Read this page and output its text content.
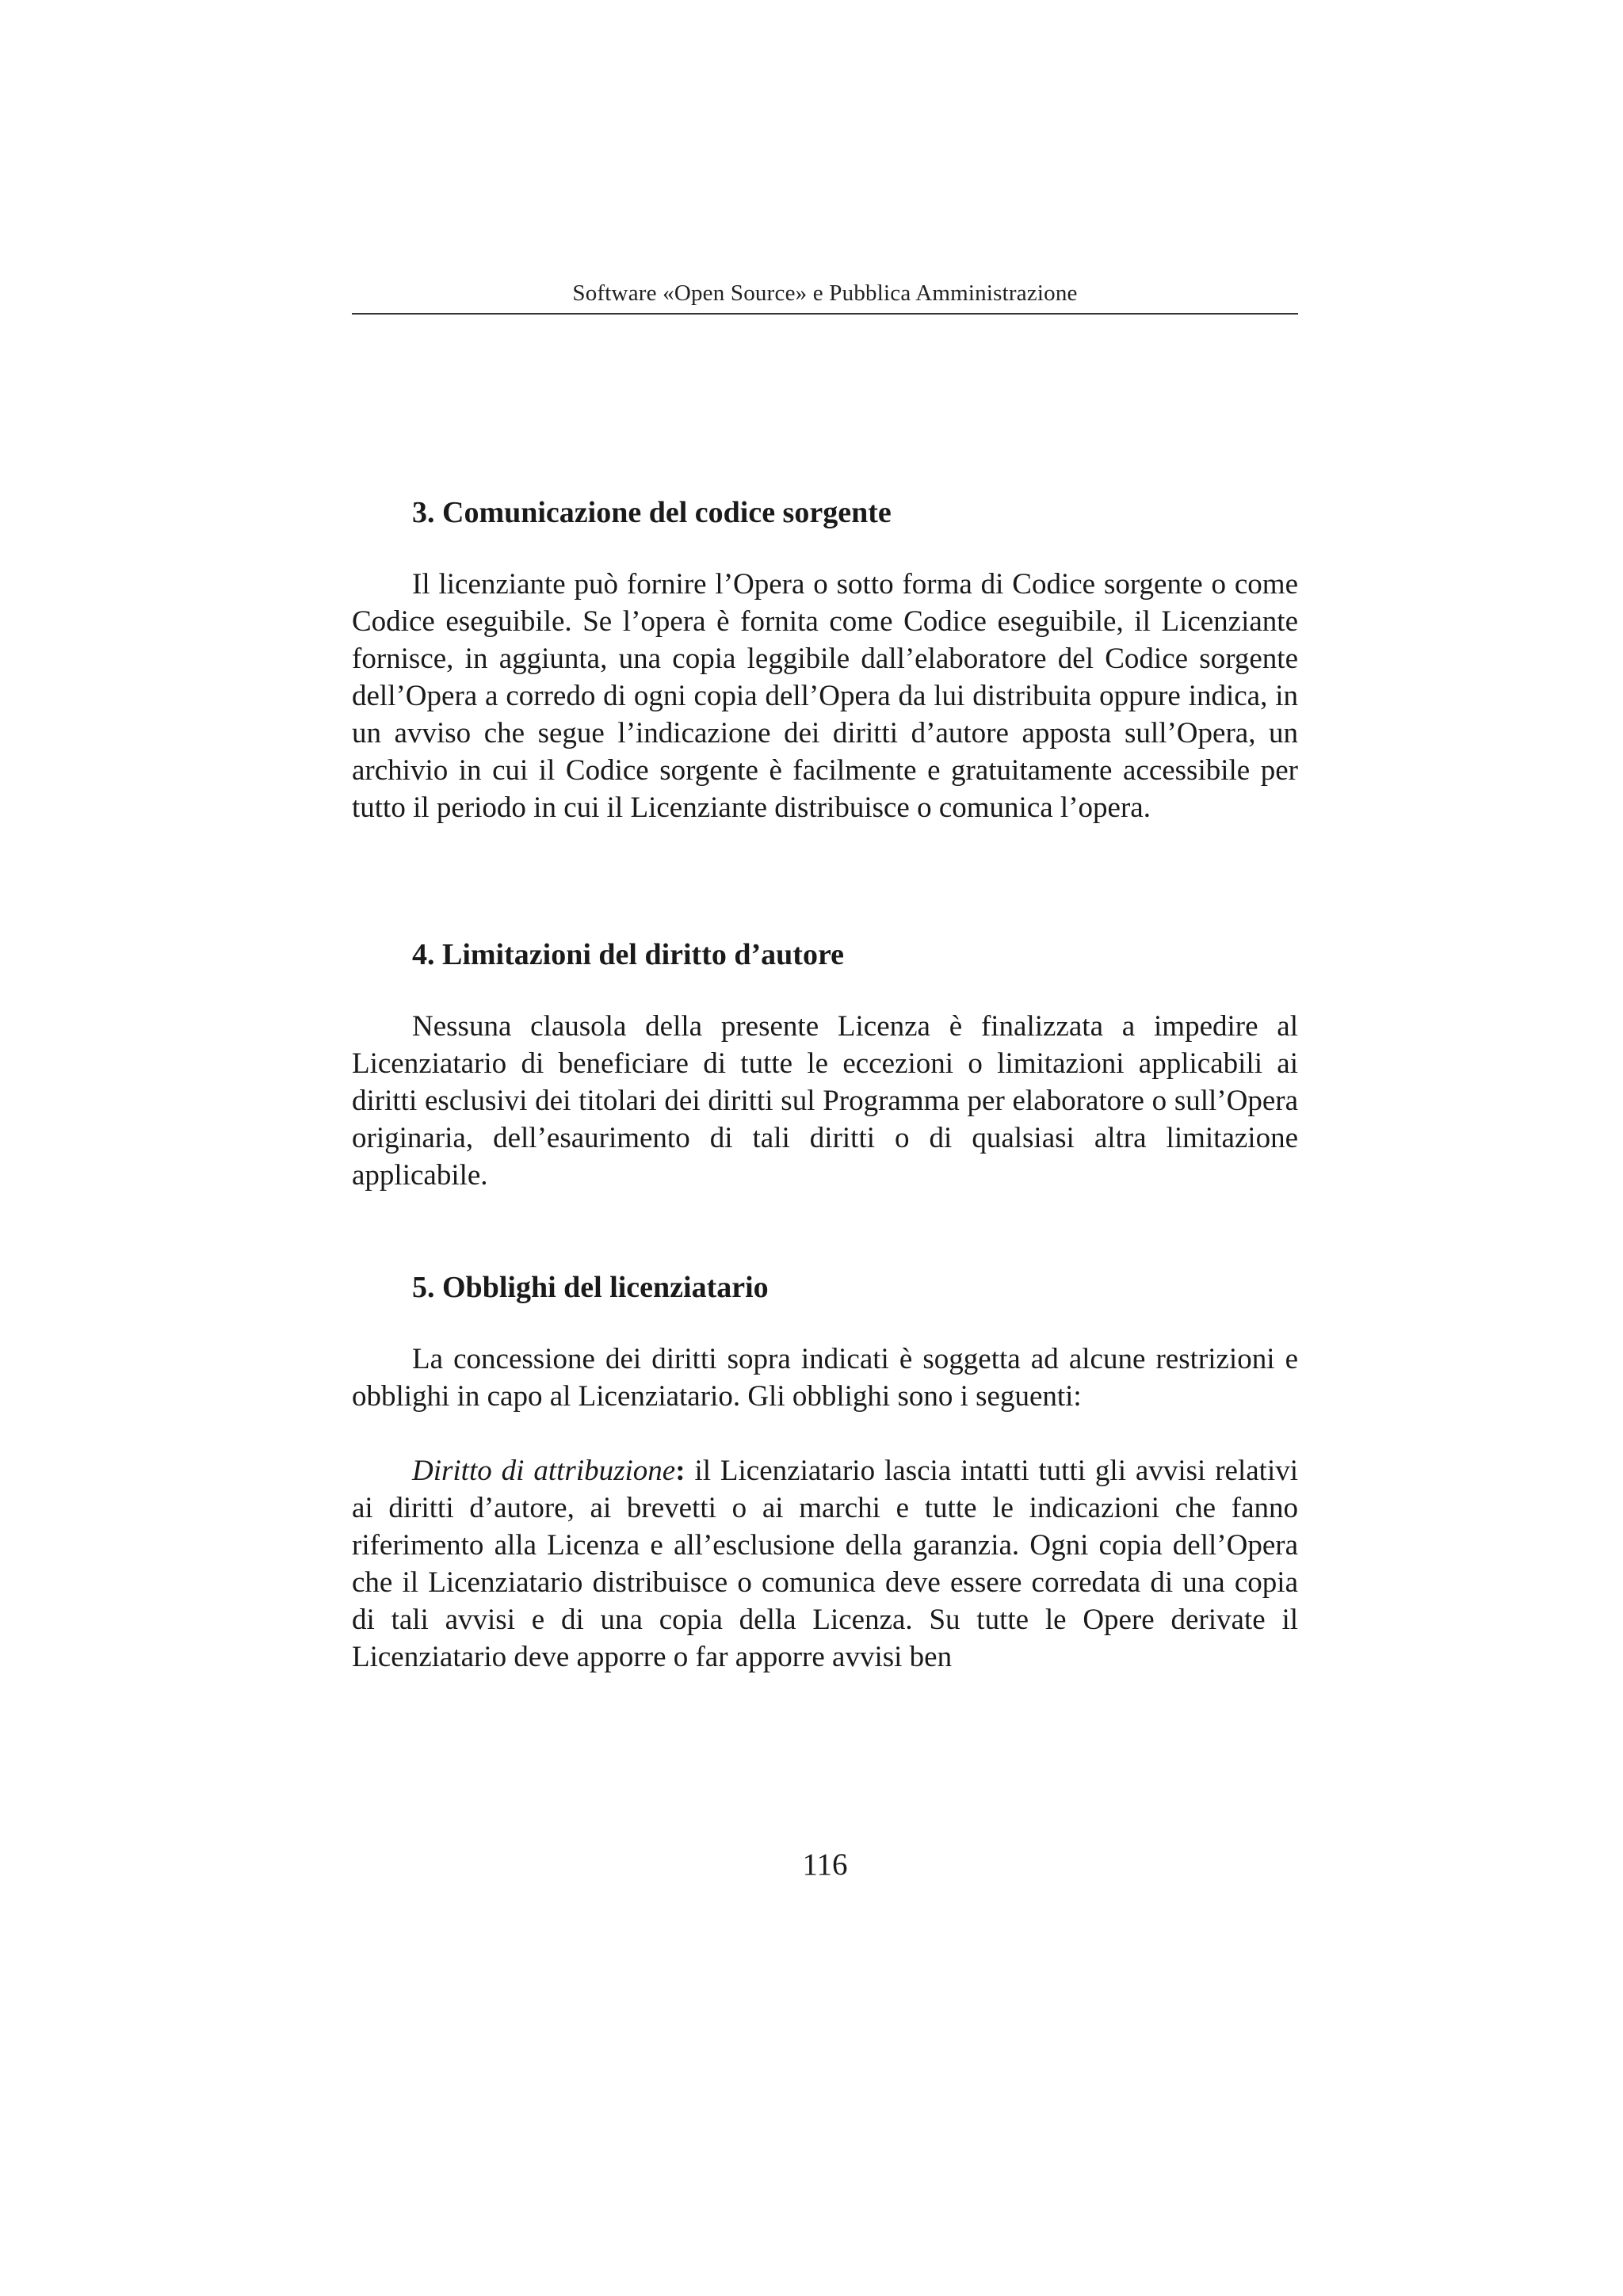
Software «Open Source» e Pubblica Amministrazione
3. Comunicazione del codice sorgente

Il licenziante può fornire l’Opera o sotto forma di Codice sorgente o come Codice eseguibile. Se l’opera è fornita come Codice eseguibile, il Licenziante fornisce, in aggiunta, una copia leggibile dall’elaboratore del Codice sorgente dell’Opera a corredo di ogni copia dell’Opera da lui distribuita oppure indica, in un avviso che segue l’indicazione dei diritti d’autore apposta sull’Opera, un archivio in cui il Codice sorgente è facilmente e gratuitamente accessibile per tutto il periodo in cui il Licenziante distribuisce o comunica l’opera.

4. Limitazioni del diritto d’autore

Nessuna clausola della presente Licenza è finalizzata a impedire al Licenziatario di beneficiare di tutte le eccezioni o limitazioni applicabili ai diritti esclusivi dei titolari dei diritti sul Programma per elaboratore o sull’Opera originaria, dell’esaurimento di tali diritti o di qualsiasi altra limitazione applicabile.

5. Obblighi del licenziatario

La concessione dei diritti sopra indicati è soggetta ad alcune restrizioni e obblighi in capo al Licenziatario. Gli obblighi sono i seguenti:

Diritto di attribuzione: il Licenziatario lascia intatti tutti gli avvisi relativi ai diritti d’autore, ai brevetti o ai marchi e tutte le indicazioni che fanno riferimento alla Licenza e all’esclusione della garanzia. Ogni copia dell’Opera che il Licenziatario distribuisce o comunica deve essere corredata di una copia di tali avvisi e di una copia della Licenza. Su tutte le Opere derivate il Licenziatario deve apporre o far apporre avvisi ben

116
